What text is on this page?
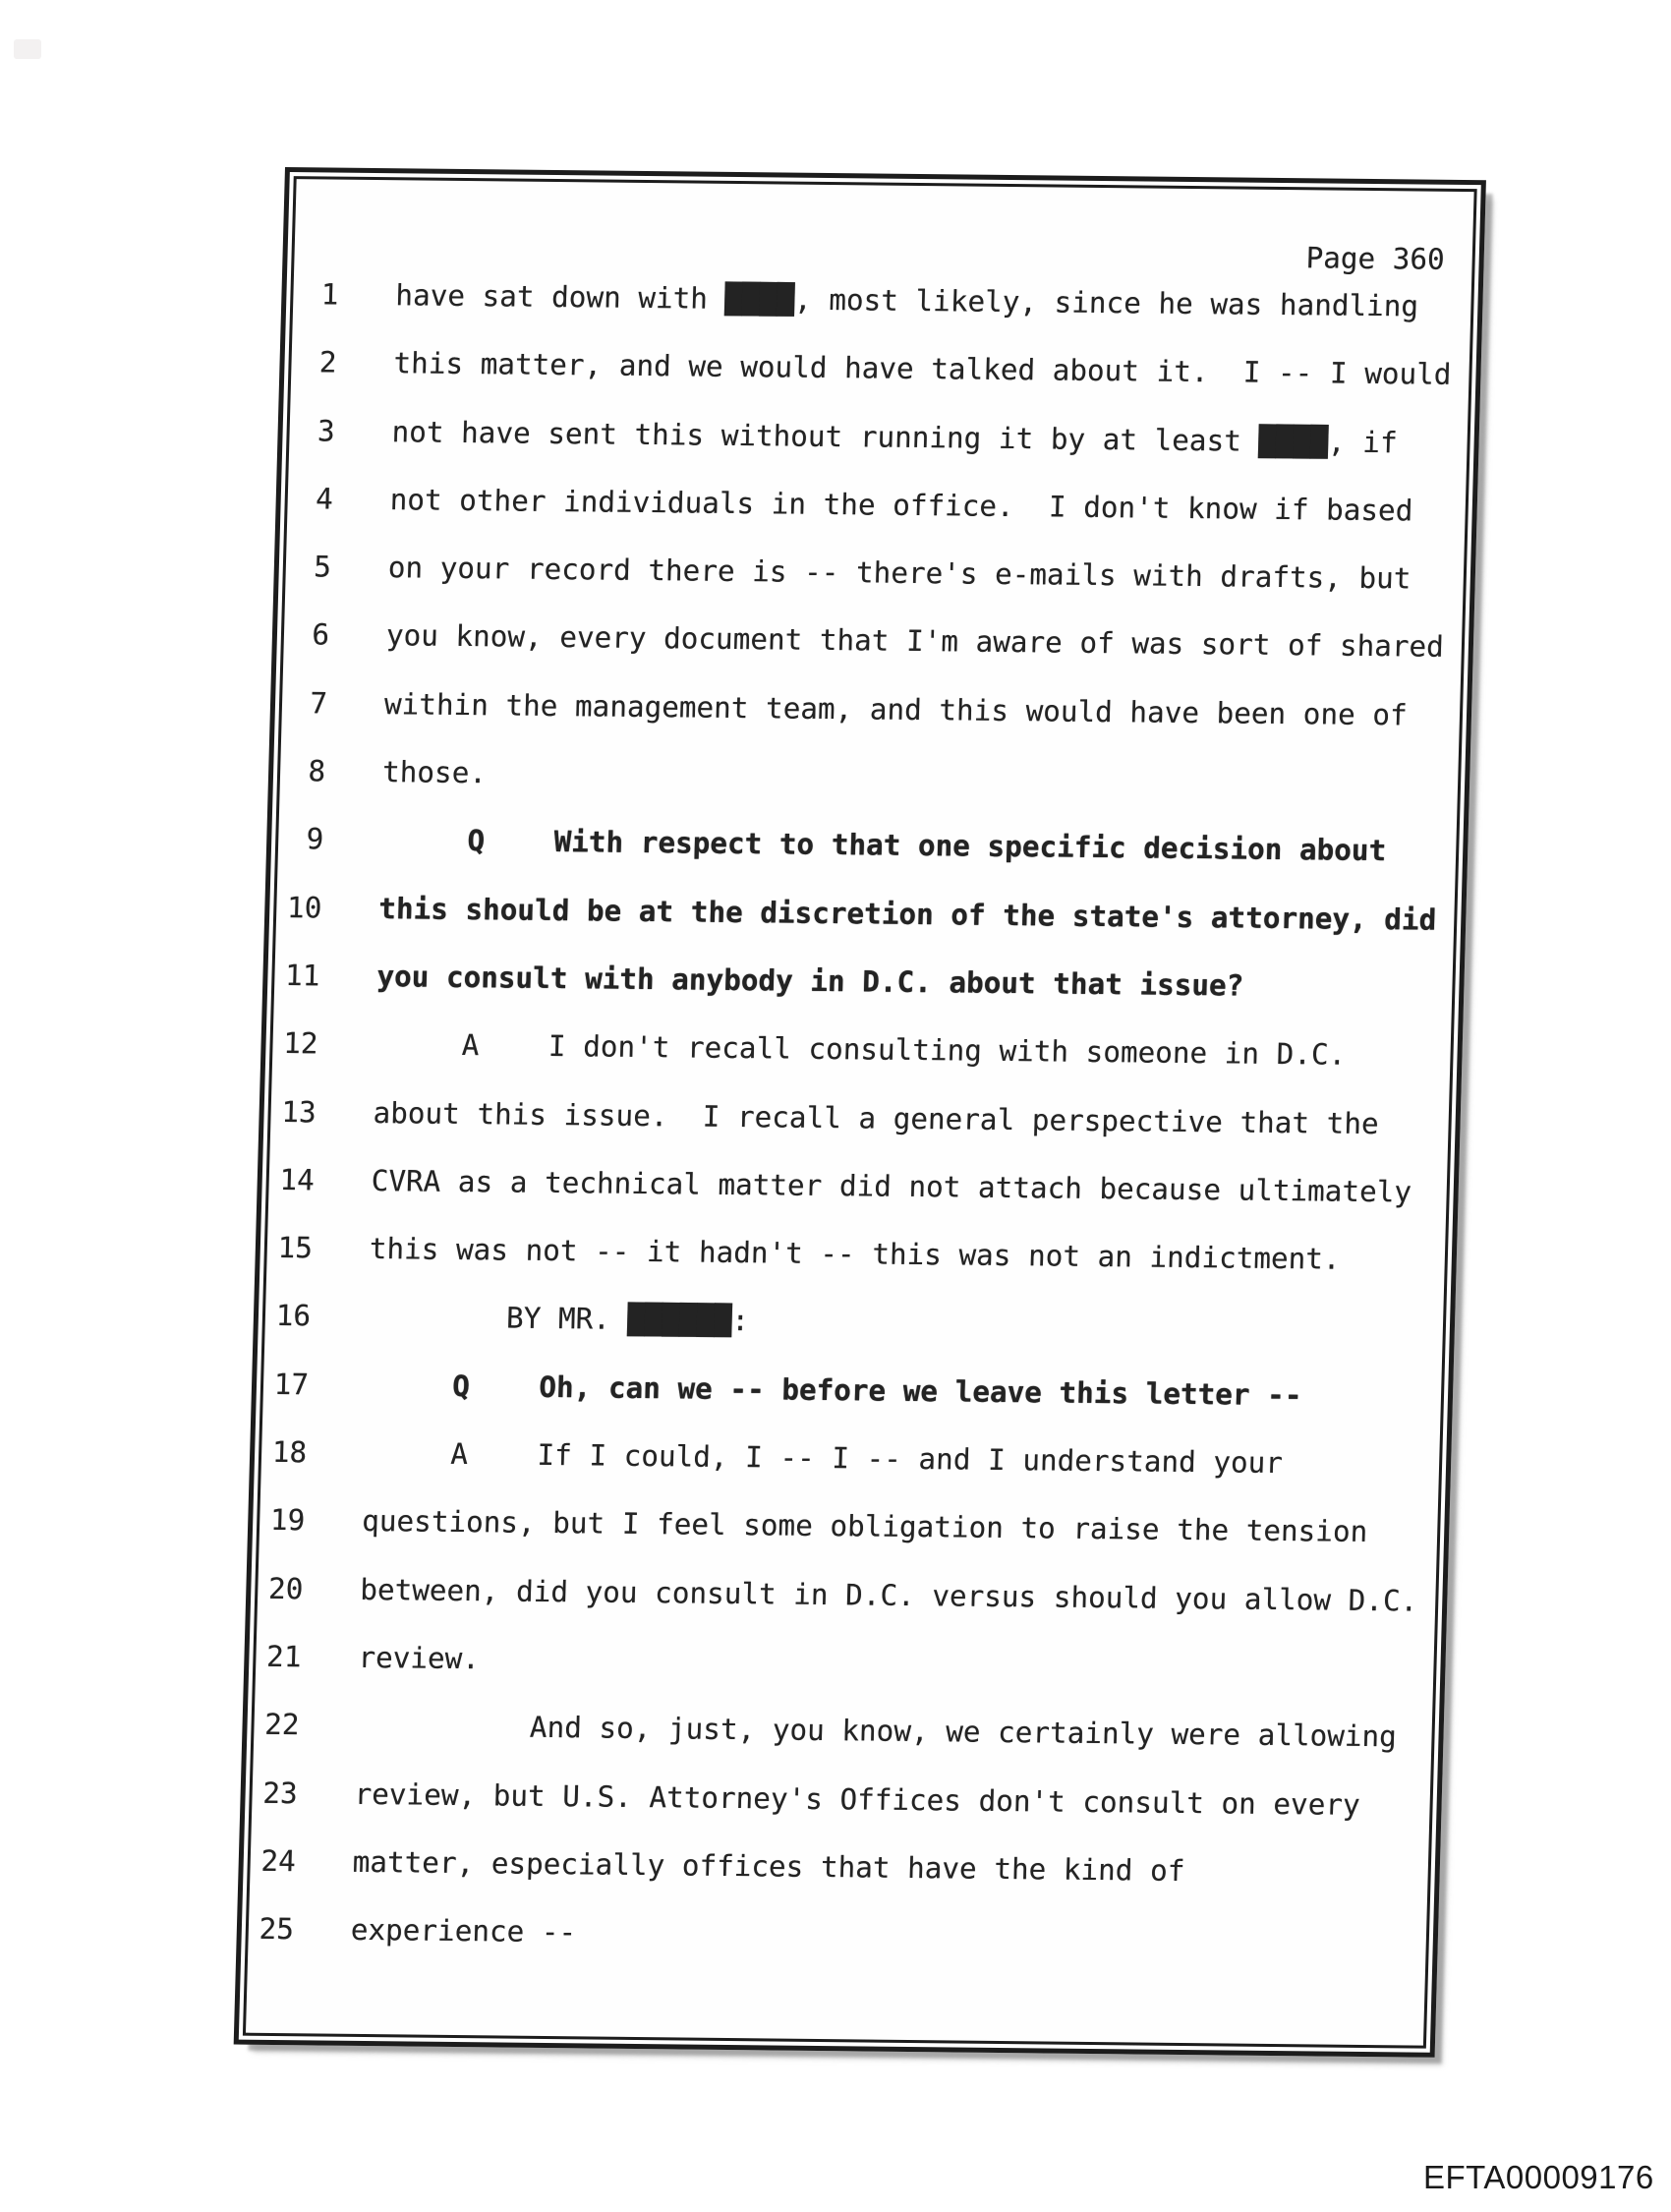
Page 360
1 have sat down with ████, most likely, since he was handling
2 this matter, and we would have talked about it.  I -- I would
3 not have sent this without running it by at least ████, if
4 not other individuals in the office.  I don't know if based
5 on your record there is -- there's e-mails with drafts, but
6 you know, every document that I'm aware of was sort of shared
7 within the management team, and this would have been one of
8 those.
9 Q    With respect to that one specific decision about
10 this should be at the discretion of the state's attorney, did
11 you consult with anybody in D.C. about that issue?
12 A    I don't recall consulting with someone in D.C.
13 about this issue.  I recall a general perspective that the
14 CVRA as a technical matter did not attach because ultimately
15 this was not -- it hadn't -- this was not an indictment.
16 BY MR. ██████:
17 Q    Oh, can we -- before we leave this letter --
18 A    If I could, I -- I -- and I understand your
19 questions, but I feel some obligation to raise the tension
20 between, did you consult in D.C. versus should you allow D.C.
21 review.
22 And so, just, you know, we certainly were allowing
23 review, but U.S. Attorney's Offices don't consult on every
24 matter, especially offices that have the kind of
25 experience --
EFTA00009176
